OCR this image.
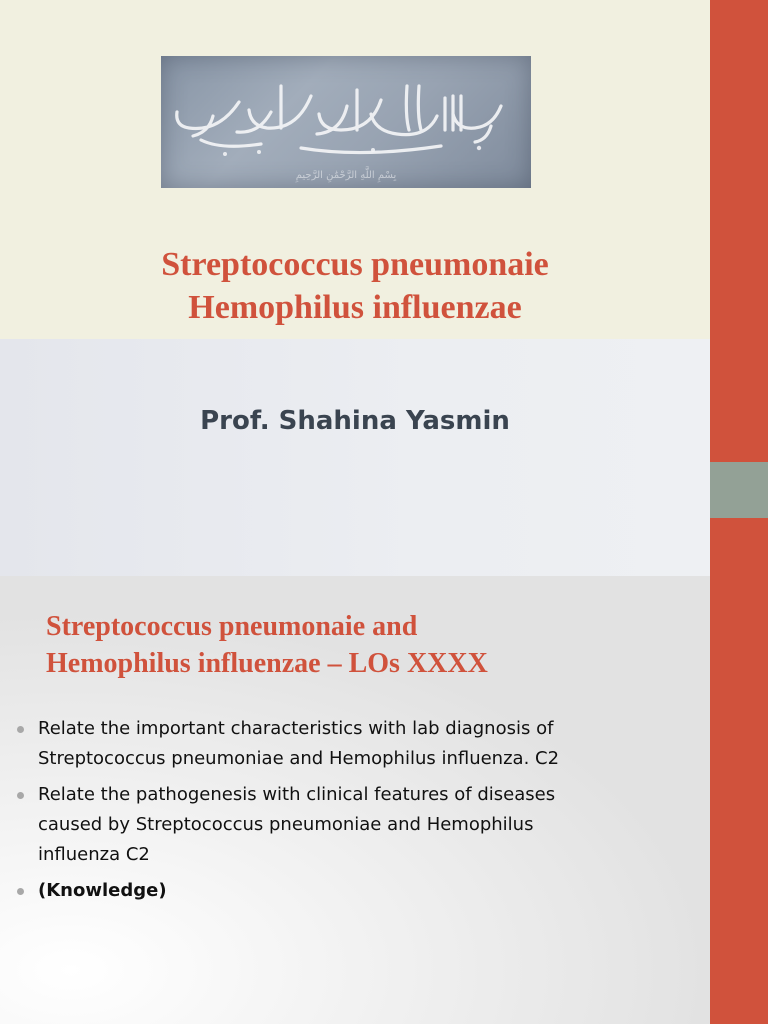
بِسْمِ اللَّهِ الرَّحْمَٰنِ الرَّحِيمِ
Streptococcus pneumonaie
Hemophilus influenzae
Prof. Shahina Yasmin
Streptococcus pneumonaie and
Hemophilus influenzae – LOs XXXX
Relate the important characteristics with lab diagnosis of
Streptococcus pneumoniae and Hemophilus influenza. C2
Relate the pathogenesis with clinical features of diseases
caused by Streptococcus pneumoniae and Hemophilus
influenza C2
(Knowledge)
